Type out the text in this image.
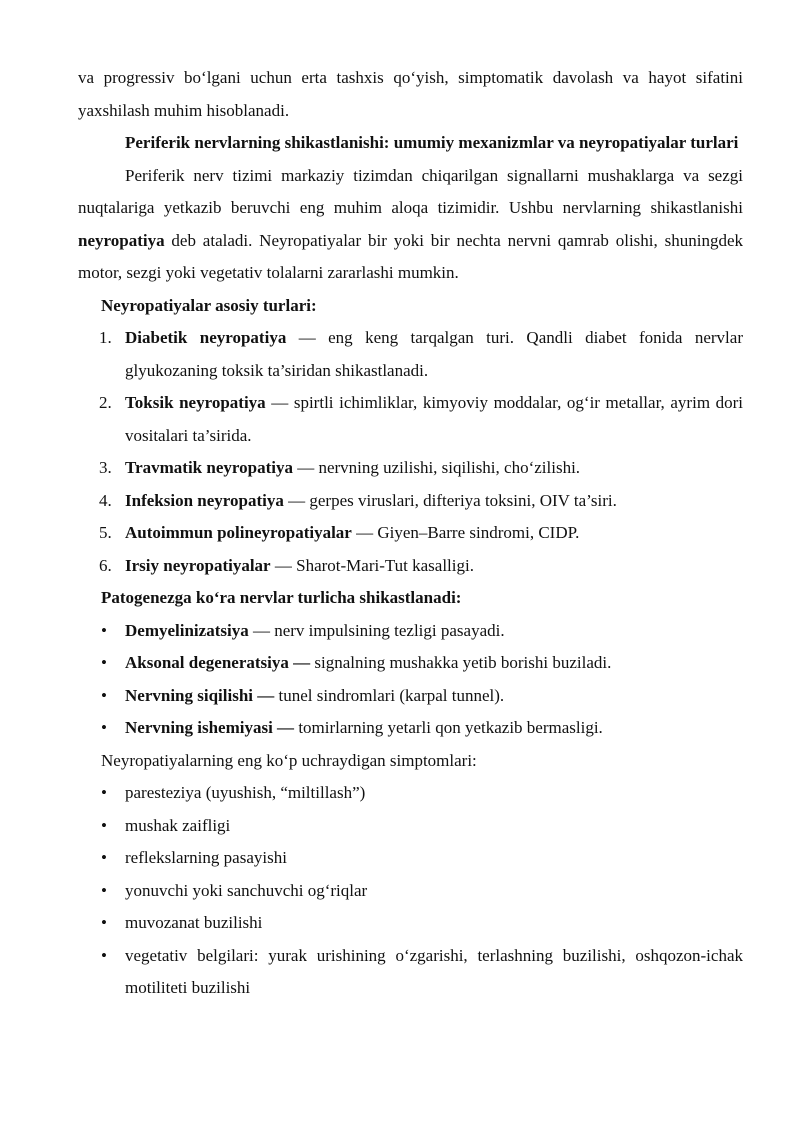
va progressiv bo‘lgani uchun erta tashxis qo‘yish, simptomatik davolash va hayot sifatini yaxshilash muhim hisoblanadi.

Periferik nervlarning shikastlanishi: umumiy mexanizmlar va neyropatiyalar turlari

Periferik nerv tizimi markaziy tizimdan chiqarilgan signallarni mushaklarga va sezgi nuqtalariga yetkazib beruvchi eng muhim aloqa tizimidir. Ushbu nervlarning shikastlanishi neyropatiya deb ataladi. Neyropatiyalar bir yoki bir nechta nervni qamrab olishi, shuningdek motor, sezgi yoki vegetativ tolalarni zararlashi mumkin.

Neyropatiyalar asosiy turlari:

1. Diabetik neyropatiya — eng keng tarqalgan turi. Qandli diabet fonida nervlar glyukozaning toksik ta’siridan shikastlanadi.
2. Toksik neyropatiya — spirtli ichimliklar, kimyoviy moddalar, og‘ir metallar, ayrim dori vositalari ta’sirida.
3. Travmatik neyropatiya — nervning uzilishi, siqilishi, cho‘zilishi.
4. Infeksion neyropatiya — gerpes viruslari, difteriya toksini, OIV ta’siri.
5. Autoimmun polineyropatiyalar — Giyen–Barre sindromi, CIDP.
6. Irsiy neyropatiyalar — Sharot-Mari-Tut kasalligi.

Patogenezga ko‘ra nervlar turlicha shikastlanadi:

• Demyelinizatsiya — nerv impulsining tezligi pasayadi.
• Aksonal degeneratsiya — signalning mushakka yetib borishi buziladi.
• Nervning siqilishi — tunel sindromlari (karpal tunnel).
• Nervning ishemiyasi — tomirlarning yetarli qon yetkazib bermasligi.

Neyropatiyalarning eng ko‘p uchraydigan simptomlari:

• paresteziya (uyushish, “miltillash”)
• mushak zaifligi
• reflekslarning pasayishi
• yonuvchi yoki sanchuvchi og‘riqlar
• muvozanat buzilishi
• vegetativ belgilari: yurak urishining o‘zgarishi, terlashning buzilishi, oshqozon-ichak motiliteti buzilishi
